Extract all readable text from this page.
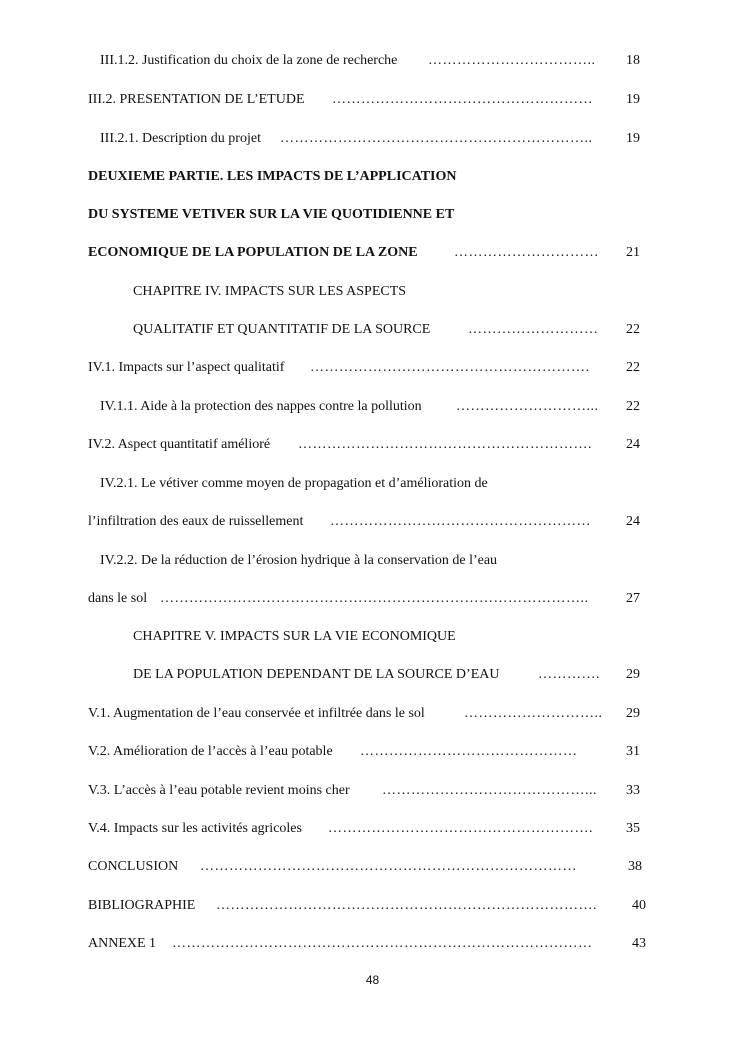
III.1.2. Justification du choix de la zone de recherche ……………………………..	18
III.2. PRESENTATION DE L’ETUDE ………………………………………………	19
III.2.1. Description du projet ………………………………………………………..	19
DEUXIEME PARTIE. LES IMPACTS DE L’APPLICATION
DU SYSTEME VETIVER SUR LA VIE QUOTIDIENNE ET
ECONOMIQUE DE LA POPULATION DE LA ZONE	…………………………	21
CHAPITRE IV. IMPACTS SUR LES ASPECTS
QUALITATIF ET QUANTITATIF DE LA SOURCE	………………………	22
IV.1. Impacts sur l’aspect qualitatif ………………………………………………….	22
IV.1.1. Aide à la protection des nappes contre la pollution ………………………...	22
IV.2. Aspect quantitatif amélioré …………………………………………………….	24
IV.2.1. Le vétiver comme moyen de propagation et d’amélioration de
l’infiltration des eaux de ruissellement ………………………………………………	24
IV.2.2. De la réduction de l’érosion hydrique à la conservation de l’eau
dans le sol ……………………………………………………………………………..	27
CHAPITRE V. IMPACTS SUR LA VIE ECONOMIQUE
DE LA POPULATION DEPENDANT DE LA SOURCE D’EAU	………….	29
V.1. Augmentation de l’eau conservée et infiltrée dans le sol	………………………..	29
V.2. Amélioration de l’accès à l’eau potable ………………………………………	31
V.3. L’accès à l’eau potable revient moins cher ……………………………………...	33
V.4. Impacts sur les activités agricoles ……………………………………………….	35
CONCLUSION ……………………………………………………………………	38
BIBLIOGRAPHIE …………………………………………………………………….	40
ANNEXE 1 ……………………………………………………………………………	43
48
